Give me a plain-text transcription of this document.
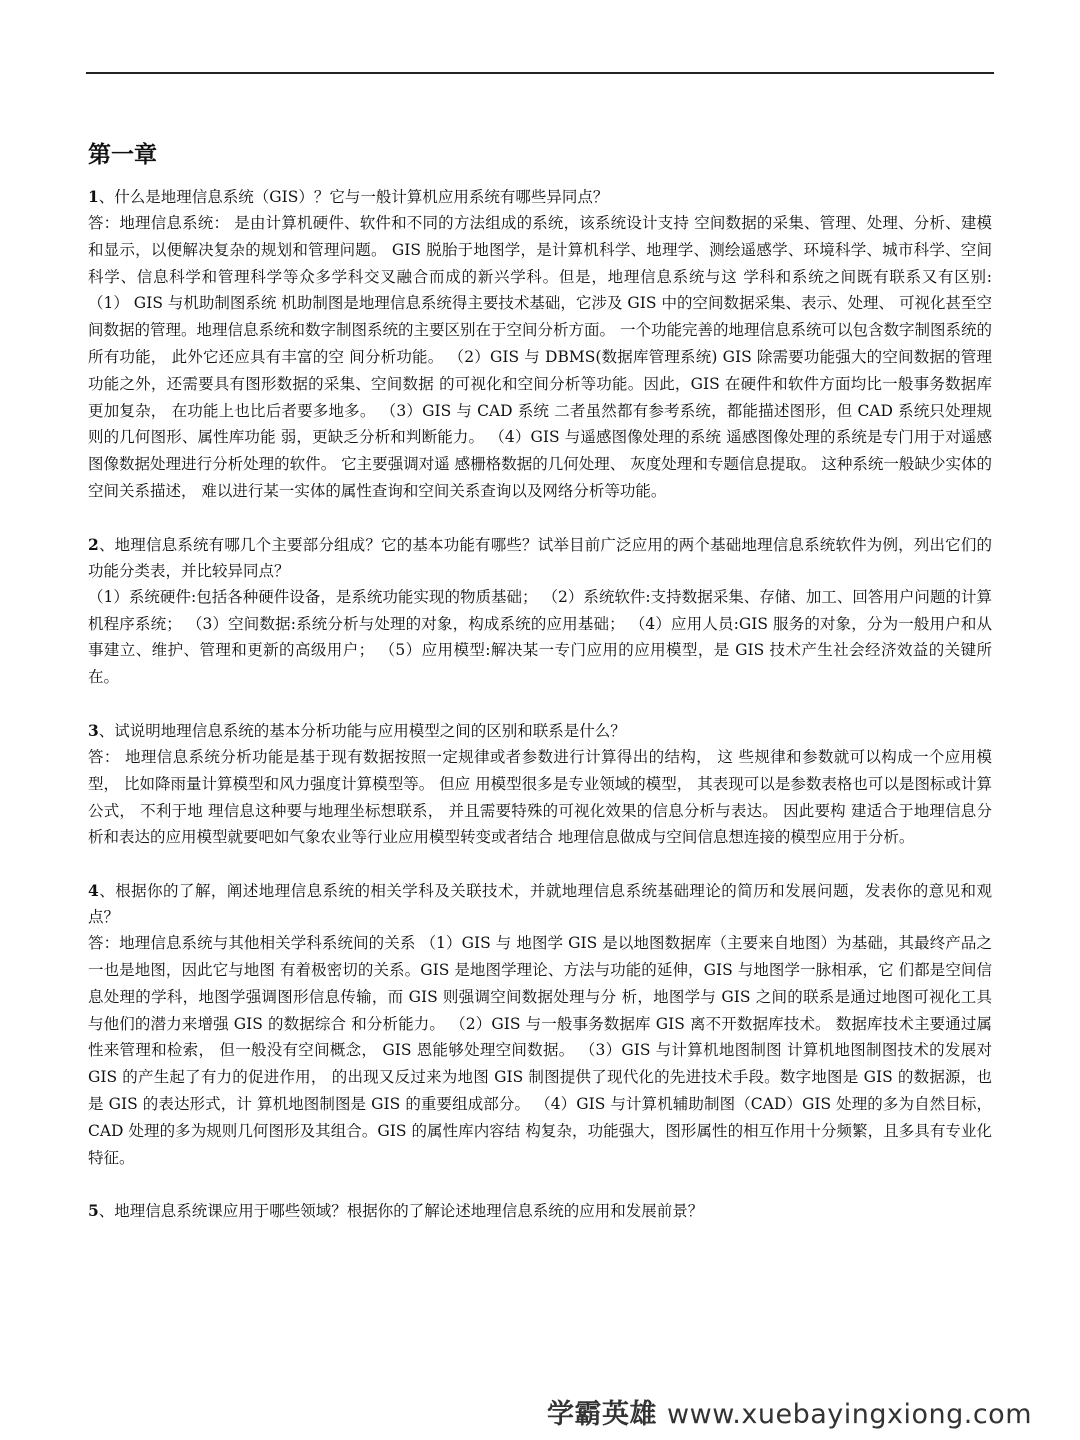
第一章

1、什么是地理信息系统（GIS）？它与一般计算机应用系统有哪些异同点？

答：地理信息系统： 是由计算机硬件、软件和不同的方法组成的系统，该系统设计支持 空间数据的采集、管理、处理、分析、建模和显示，以便解决复杂的规划和管理问题。 GIS 脱胎于地图学，是计算机科学、地理学、测绘遥感学、环境科学、城市科学、空间 科学、信息科学和管理科学等众多学科交叉融合而成的新兴学科。但是，地理信息系统与这 学科和系统之间既有联系又有区别: （1） GIS 与机助制图系统 机助制图是地理信息系统得主要技术基础，它涉及 GIS 中的空间数据采集、表示、处理、 可视化甚至空间数据的管理。地理信息系统和数字制图系统的主要区别在于空间分析方面。 一个功能完善的地理信息系统可以包含数字制图系统的所有功能， 此外它还应具有丰富的空 间分析功能。 （2）GIS 与 DBMS(数据库管理系统) GIS 除需要功能强大的空间数据的管理功能之外，还需要具有图形数据的采集、空间数据 的可视化和空间分析等功能。因此，GIS 在硬件和软件方面均比一般事务数据库更加复杂， 在功能上也比后者要多地多。 （3）GIS 与 CAD 系统 二者虽然都有参考系统，都能描述图形，但 CAD 系统只处理规则的几何图形、属性库功能 弱，更缺乏分析和判断能力。 （4）GIS 与遥感图像处理的系统 遥感图像处理的系统是专门用于对遥感图像数据处理进行分析处理的软件。 它主要强调对遥 感栅格数据的几何处理、 灰度处理和专题信息提取。 这种系统一般缺少实体的空间关系描述， 难以进行某一实体的属性查询和空间关系查询以及网络分析等功能。

2、地理信息系统有哪几个主要部分组成？它的基本功能有哪些？试举目前广泛应用的两个基础地理信息系统软件为例，列出它们的功能分类表，并比较异同点？

（1）系统硬件:包括各种硬件设备，是系统功能实现的物质基础； （2）系统软件:支持数据采集、存储、加工、回答用户问题的计算机程序系统； （3）空间数据:系统分析与处理的对象，构成系统的应用基础； （4）应用人员:GIS 服务的对象，分为一般用户和从事建立、维护、管理和更新的高级用户； （5）应用模型:解决某一专门应用的应用模型，是 GIS 技术产生社会经济效益的关键所在。

3、试说明地理信息系统的基本分析功能与应用模型之间的区别和联系是什么？

答： 地理信息系统分析功能是基于现有数据按照一定规律或者参数进行计算得出的结构， 这 些规律和参数就可以构成一个应用模型， 比如降雨量计算模型和风力强度计算模型等。 但应 用模型很多是专业领域的模型， 其表现可以是参数表格也可以是图标或计算公式， 不利于地 理信息这种要与地理坐标想联系， 并且需要特殊的可视化效果的信息分析与表达。 因此要构 建适合于地理信息分析和表达的应用模型就要吧如气象农业等行业应用模型转变或者结合 地理信息做成与空间信息想连接的模型应用于分析。

4、根据你的了解，阐述地理信息系统的相关学科及关联技术，并就地理信息系统基础理论的简历和发展问题，发表你的意见和观点？

答：地理信息系统与其他相关学科系统间的关系 （1）GIS 与 地图学 GIS 是以地图数据库（主要来自地图）为基础，其最终产品之一也是地图，因此它与地图 有着极密切的关系。GIS 是地图学理论、方法与功能的延伸，GIS 与地图学一脉相承，它 们都是空间信息处理的学科，地图学强调图形信息传输，而 GIS 则强调空间数据处理与分 析，地图学与 GIS 之间的联系是通过地图可视化工具与他们的潜力来增强 GIS 的数据综合 和分析能力。 （2）GIS 与一般事务数据库 GIS 离不开数据库技术。 数据库技术主要通过属性来管理和检索， 但一般没有空间概念， GIS 恩能够处理空间数据。 （3）GIS 与计算机地图制图 计算机地图制图技术的发展对 GIS 的产生起了有力的促进作用， 的出现又反过来为地图 GIS 制图提供了现代化的先进技术手段。数字地图是 GIS 的数据源，也是 GIS 的表达形式，计 算机地图制图是 GIS 的重要组成部分。 （4）GIS 与计算机辅助制图（CAD）GIS 处理的多为自然目标，CAD 处理的多为规则几何图形及其组合。GIS 的属性库内容结 构复杂，功能强大，图形属性的相互作用十分频繁，且多具有专业化特征。

5、地理信息系统课应用于哪些领域？根据你的了解论述地理信息系统的应用和发展前景？

学霸英雄 www.xuebayingxiong.com
